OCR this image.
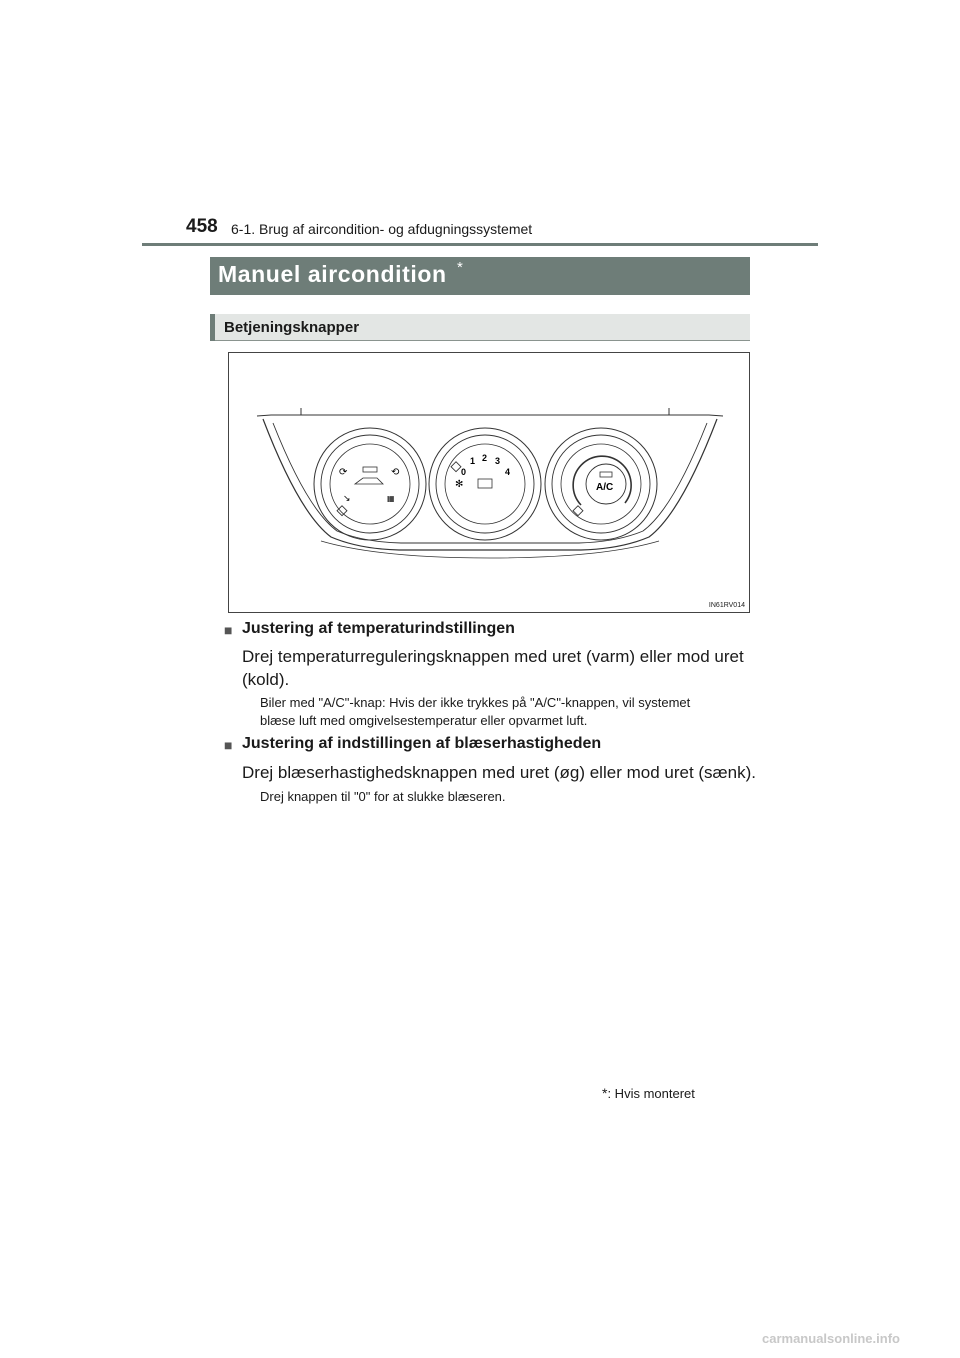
458 6-1. Brug af aircondition- og afdugningssystemet
Manuel aircondition *
Betjeningsknapper
⟳	⟲
↘	▦
0
1 2 3
4
✻	A/C
IN61RV014
■ Justering af temperaturindstillingen
Drej temperaturreguleringsknappen med uret (varm) eller mod uret
(kold).
Biler med "A/C"-knap: Hvis der ikke trykkes på "A/C"-knappen, vil systemet
blæse luft med omgivelsestemperatur eller opvarmet luft.
■ Justering af indstillingen af blæserhastigheden
Drej blæserhastighedsknappen med uret (øg) eller mod uret (sænk).
Drej knappen til "0" for at slukke blæseren.
*: Hvis monteret
carmanualsonline.info
